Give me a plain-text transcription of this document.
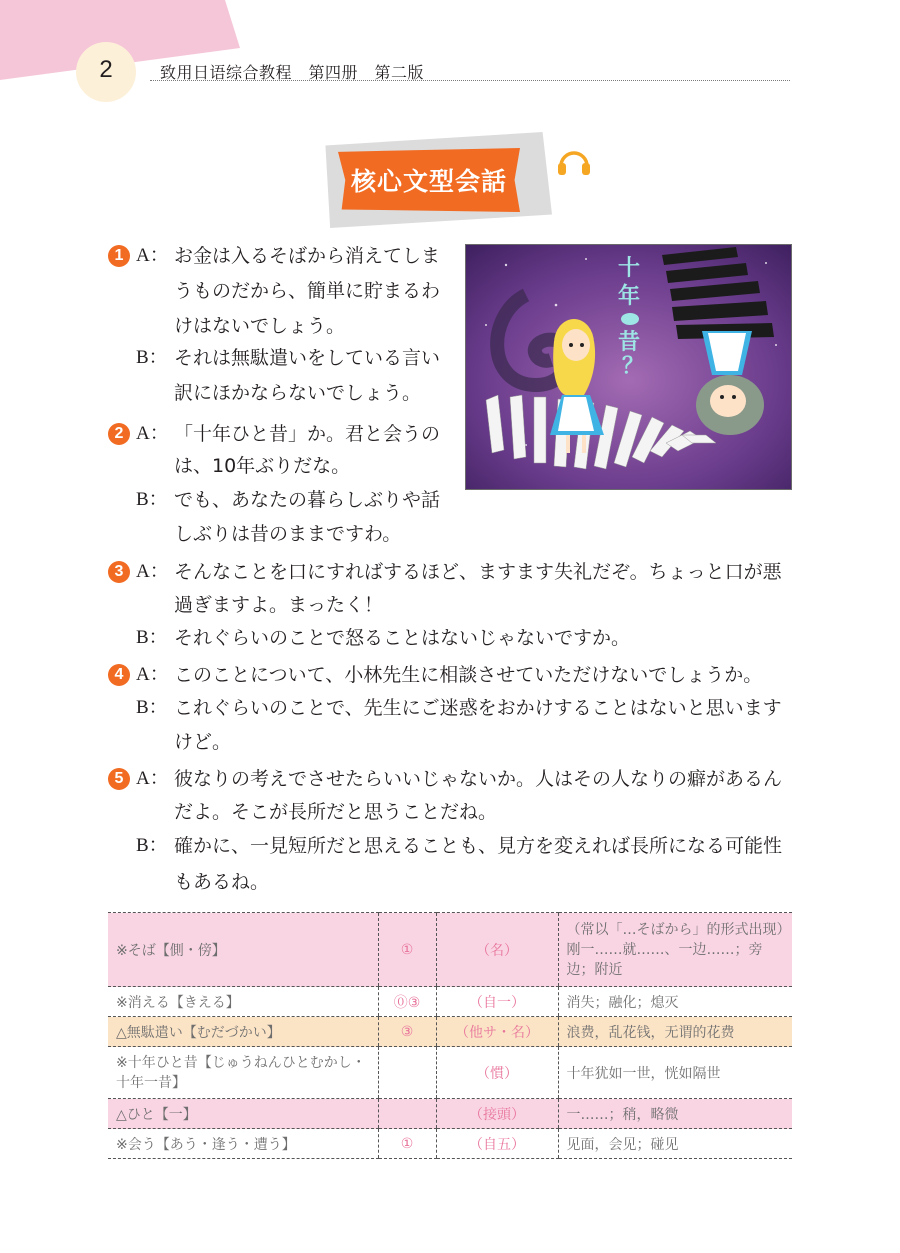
2	致用日语综合教程　第四册　第二版
核心文型会話
十
年
昔
？
1 A： お金は入るそばから消えてしま
うものだから、簡単に貯まるわ
けはないでしょう。
B： それは無駄遣いをしている言い
訳にほかならないでしょう。
2 A： 「十年ひと昔」か。君と会うの
は、10年ぶりだな。
B： でも、あなたの暮らしぶりや話
しぶりは昔のままですわ。
3 A： そんなことを口にすればするほど、ますます失礼だぞ。ちょっと口が悪
過ぎますよ。まったく！
B： それぐらいのことで怒ることはないじゃないですか。
4 A： このことについて、小林先生に相談させていただけないでしょうか。
B： これぐらいのことで、先生にご迷惑をおかけすることはないと思います
けど。
5 A： 彼なりの考えでさせたらいいじゃないか。人はその人なりの癖があるん
だよ。そこが長所だと思うことだね。
B： 確かに、一見短所だと思えることも、見方を変えれば長所になる可能性
もあるね。
※そば【側・傍】	①	（名）	（常以「…そばから」的形式出现）刚一……就……、一边……；旁边；附近
※消える【きえる】	⓪③	（自一）	消失；融化；熄灭
△無駄遣い【むだづかい】	③	（他サ・名）	浪费，乱花钱，无谓的花费
※十年ひと昔【じゅうねんひとむかし・十年一昔】		（慣）	十年犹如一世，恍如隔世
△ひと【一】		（接頭）	一……；稍，略微
※会う【あう・逢う・遭う】	①	（自五）	见面，会见；碰见
